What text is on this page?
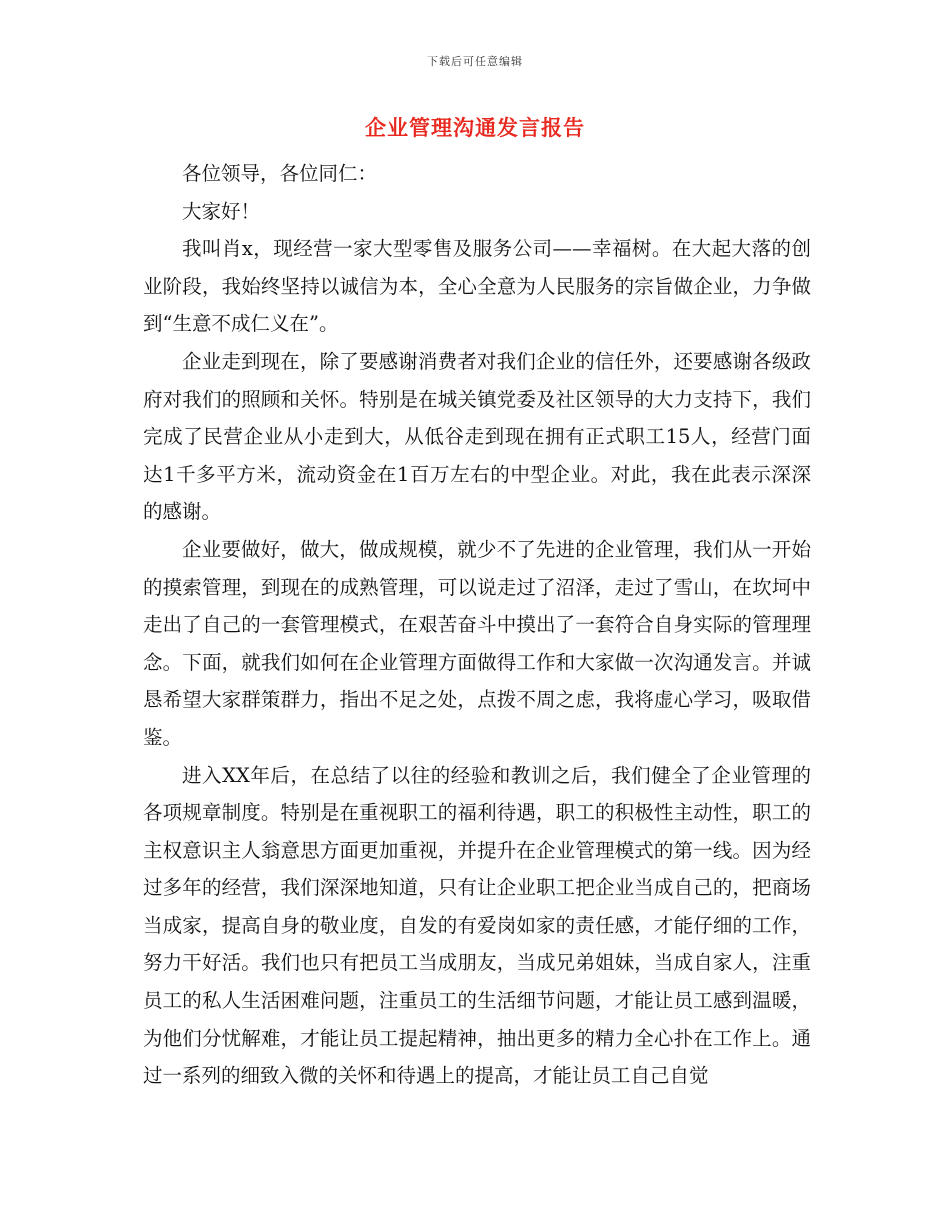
下载后可任意编辑
企业管理沟通发言报告

各位领导，各位同仁：

大家好！

我叫肖x，现经营一家大型零售及服务公司——幸福树。在大起大落的创业阶段，我始终坚持以诚信为本，全心全意为人民服务的宗旨做企业，力争做到“生意不成仁义在”。

企业走到现在，除了要感谢消费者对我们企业的信任外，还要感谢各级政府对我们的照顾和关怀。特别是在城关镇党委及社区领导的大力支持下，我们完成了民营企业从小走到大，从低谷走到现在拥有正式职工15人，经营门面达1千多平方米，流动资金在1百万左右的中型企业。对此，我在此表示深深的感谢。

企业要做好，做大，做成规模，就少不了先进的企业管理，我们从一开始的摸索管理，到现在的成熟管理，可以说走过了沼泽，走过了雪山，在坎坷中走出了自己的一套管理模式，在艰苦奋斗中摸出了一套符合自身实际的管理理念。下面，就我们如何在企业管理方面做得工作和大家做一次沟通发言。并诚恳希望大家群策群力，指出不足之处，点拨不周之虑，我将虚心学习，吸取借鉴。

进入XX年后，在总结了以往的经验和教训之后，我们健全了企业管理的各项规章制度。特别是在重视职工的福利待遇，职工的积极性主动性，职工的主权意识主人翁意思方面更加重视，并提升在企业管理模式的第一线。因为经过多年的经营，我们深深地知道，只有让企业职工把企业当成自己的，把商场当成家，提高自身的敬业度，自发的有爱岗如家的责任感，才能仔细的工作，努力干好活。我们也只有把员工当成朋友，当成兄弟姐妹，当成自家人，注重员工的私人生活困难问题，注重员工的生活细节问题，才能让员工感到温暖，为他们分忧解难，才能让员工提起精神，抽出更多的精力全心扑在工作上。通过一系列的细致入微的关怀和待遇上的提高，才能让员工自己自觉
